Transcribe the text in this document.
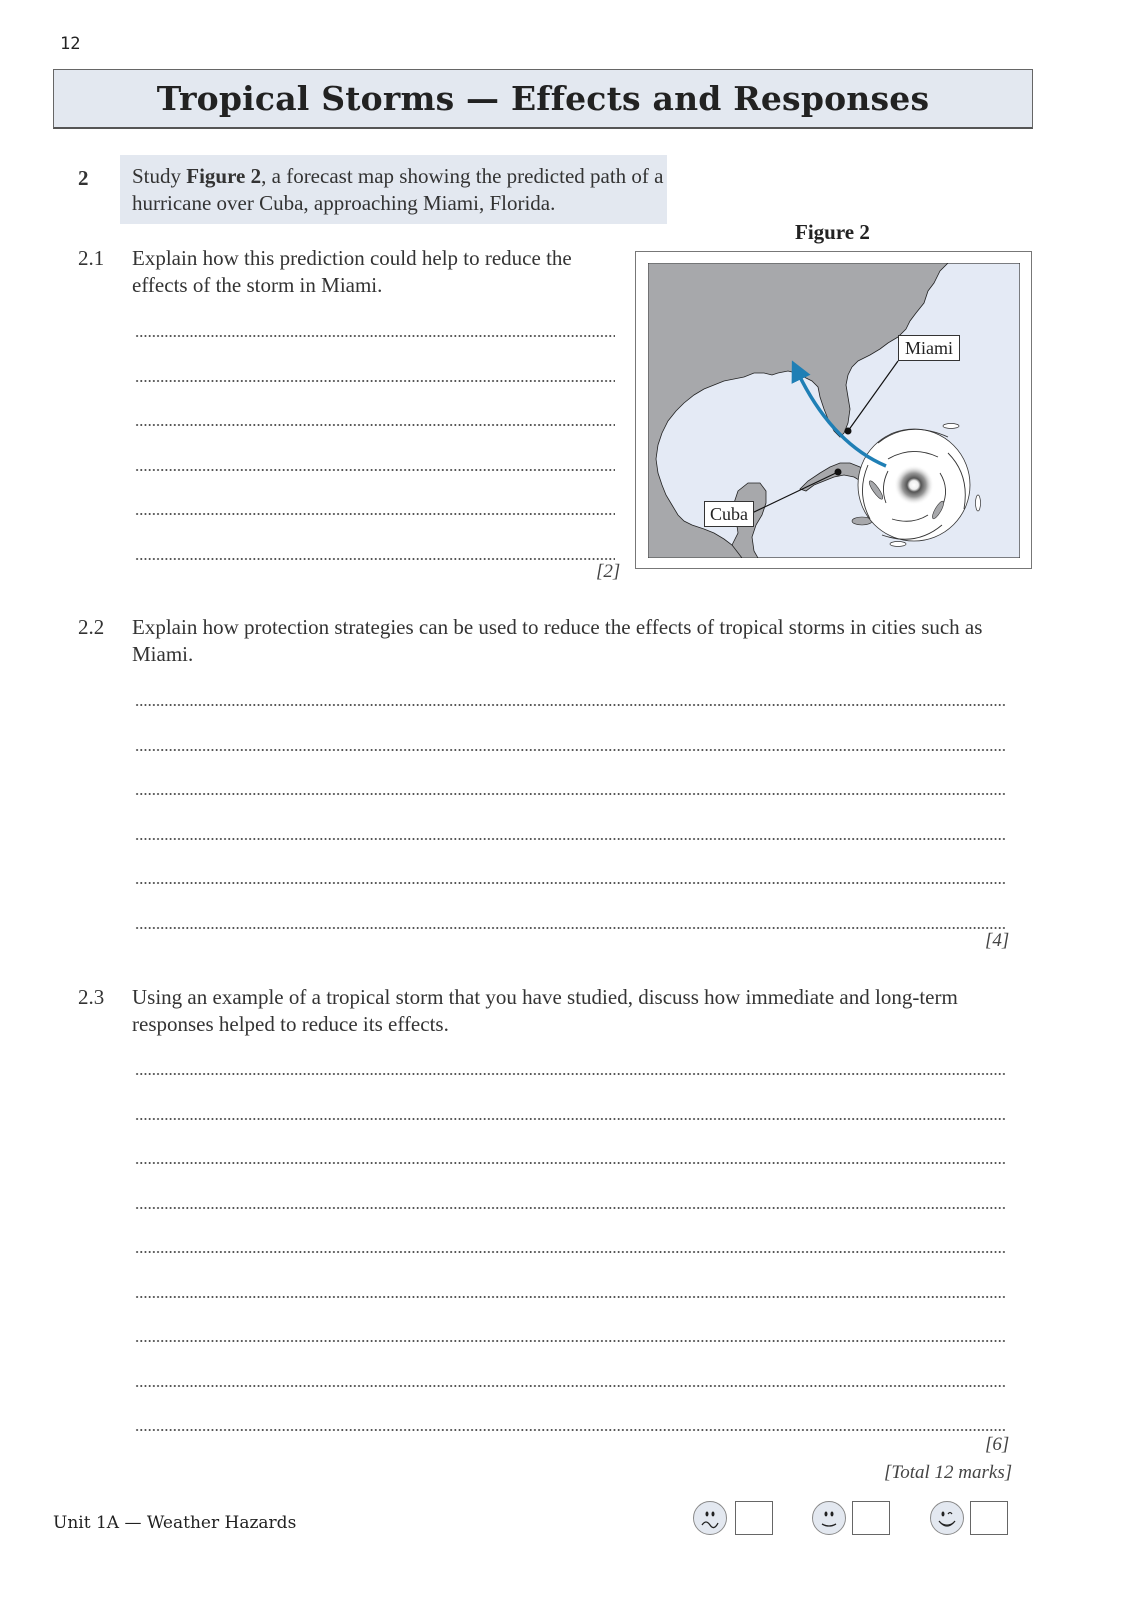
12
Tropical Storms — Effects and Responses
2	Study Figure 2, a forecast map showing the predicted path of a hurricane over Cuba, approaching Miami, Florida.
2.1 Explain how this prediction could help to reduce the effects of the storm in Miami.
[2]
Figure 2
Miami
Cuba
2.2 Explain how protection strategies can be used to reduce the effects of tropical storms in cities such as Miami.
[4]
2.3 Using an example of a tropical storm that you have studied, discuss how immediate and long-term responses helped to reduce its effects.
[6]
[Total 12 marks]
Unit 1A — Weather Hazards
